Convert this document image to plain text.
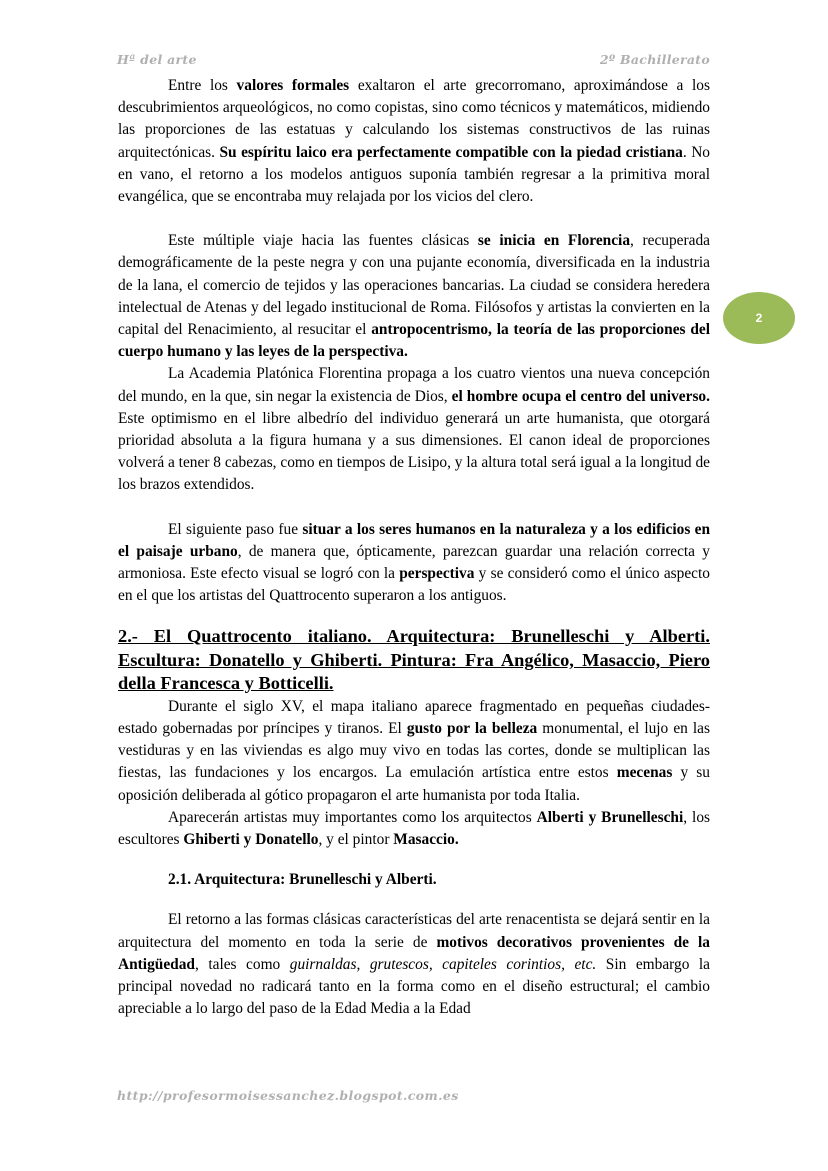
Hª del arte	2º Bachillerato
2

Entre los valores formales exaltaron el arte grecorromano, aproximándose a los descubrimientos arqueológicos, no como copistas, sino como técnicos y matemáticos, midiendo las proporciones de las estatuas y calculando los sistemas constructivos de las ruinas arquitectónicas. Su espíritu laico era perfectamente compatible con la piedad cristiana. No en vano, el retorno a los modelos antiguos suponía también regresar a la primitiva moral evangélica, que se encontraba muy relajada por los vicios del clero.

Este múltiple viaje hacia las fuentes clásicas se inicia en Florencia, recuperada demográficamente de la peste negra y con una pujante economía, diversificada en la industria de la lana, el comercio de tejidos y las operaciones bancarias. La ciudad se considera heredera intelectual de Atenas y del legado institucional de Roma. Filósofos y artistas la convierten en la capital del Renacimiento, al resucitar el antropocentrismo, la teoría de las proporciones del cuerpo humano y las leyes de la perspectiva.

La Academia Platónica Florentina propaga a los cuatro vientos una nueva concepción del mundo, en la que, sin negar la existencia de Dios, el hombre ocupa el centro del universo. Este optimismo en el libre albedrío del individuo generará un arte humanista, que otorgará prioridad absoluta a la figura humana y a sus dimensiones. El canon ideal de proporciones volverá a tener 8 cabezas, como en tiempos de Lisipo, y la altura total será igual a la longitud de los brazos extendidos.

El siguiente paso fue situar a los seres humanos en la naturaleza y a los edificios en el paisaje urbano, de manera que, ópticamente, parezcan guardar una relación correcta y armoniosa. Este efecto visual se logró con la perspectiva y se consideró como el único aspecto en el que los artistas del Quattrocento superaron a los antiguos.

2.- El Quattrocento italiano. Arquitectura: Brunelleschi y Alberti. Escultura: Donatello y Ghiberti. Pintura: Fra Angélico, Masaccio, Piero della Francesca y Botticelli.

Durante el siglo XV, el mapa italiano aparece fragmentado en pequeñas ciudades-estado gobernadas por príncipes y tiranos. El gusto por la belleza monumental, el lujo en las vestiduras y en las viviendas es algo muy vivo en todas las cortes, donde se multiplican las fiestas, las fundaciones y los encargos. La emulación artística entre estos mecenas y su oposición deliberada al gótico propagaron el arte humanista por toda Italia.

Aparecerán artistas muy importantes como los arquitectos Alberti y Brunelleschi, los escultores Ghiberti y Donatello, y el pintor Masaccio.

2.1. Arquitectura: Brunelleschi y Alberti.

El retorno a las formas clásicas características del arte renacentista se dejará sentir en la arquitectura del momento en toda la serie de motivos decorativos provenientes de la Antigüedad, tales como guirnaldas, grutescos, capiteles corintios, etc. Sin embargo la principal novedad no radicará tanto en la forma como en el diseño estructural; el cambio apreciable a lo largo del paso de la Edad Media a la Edad

http://profesormoisessanchez.blogspot.com.es
